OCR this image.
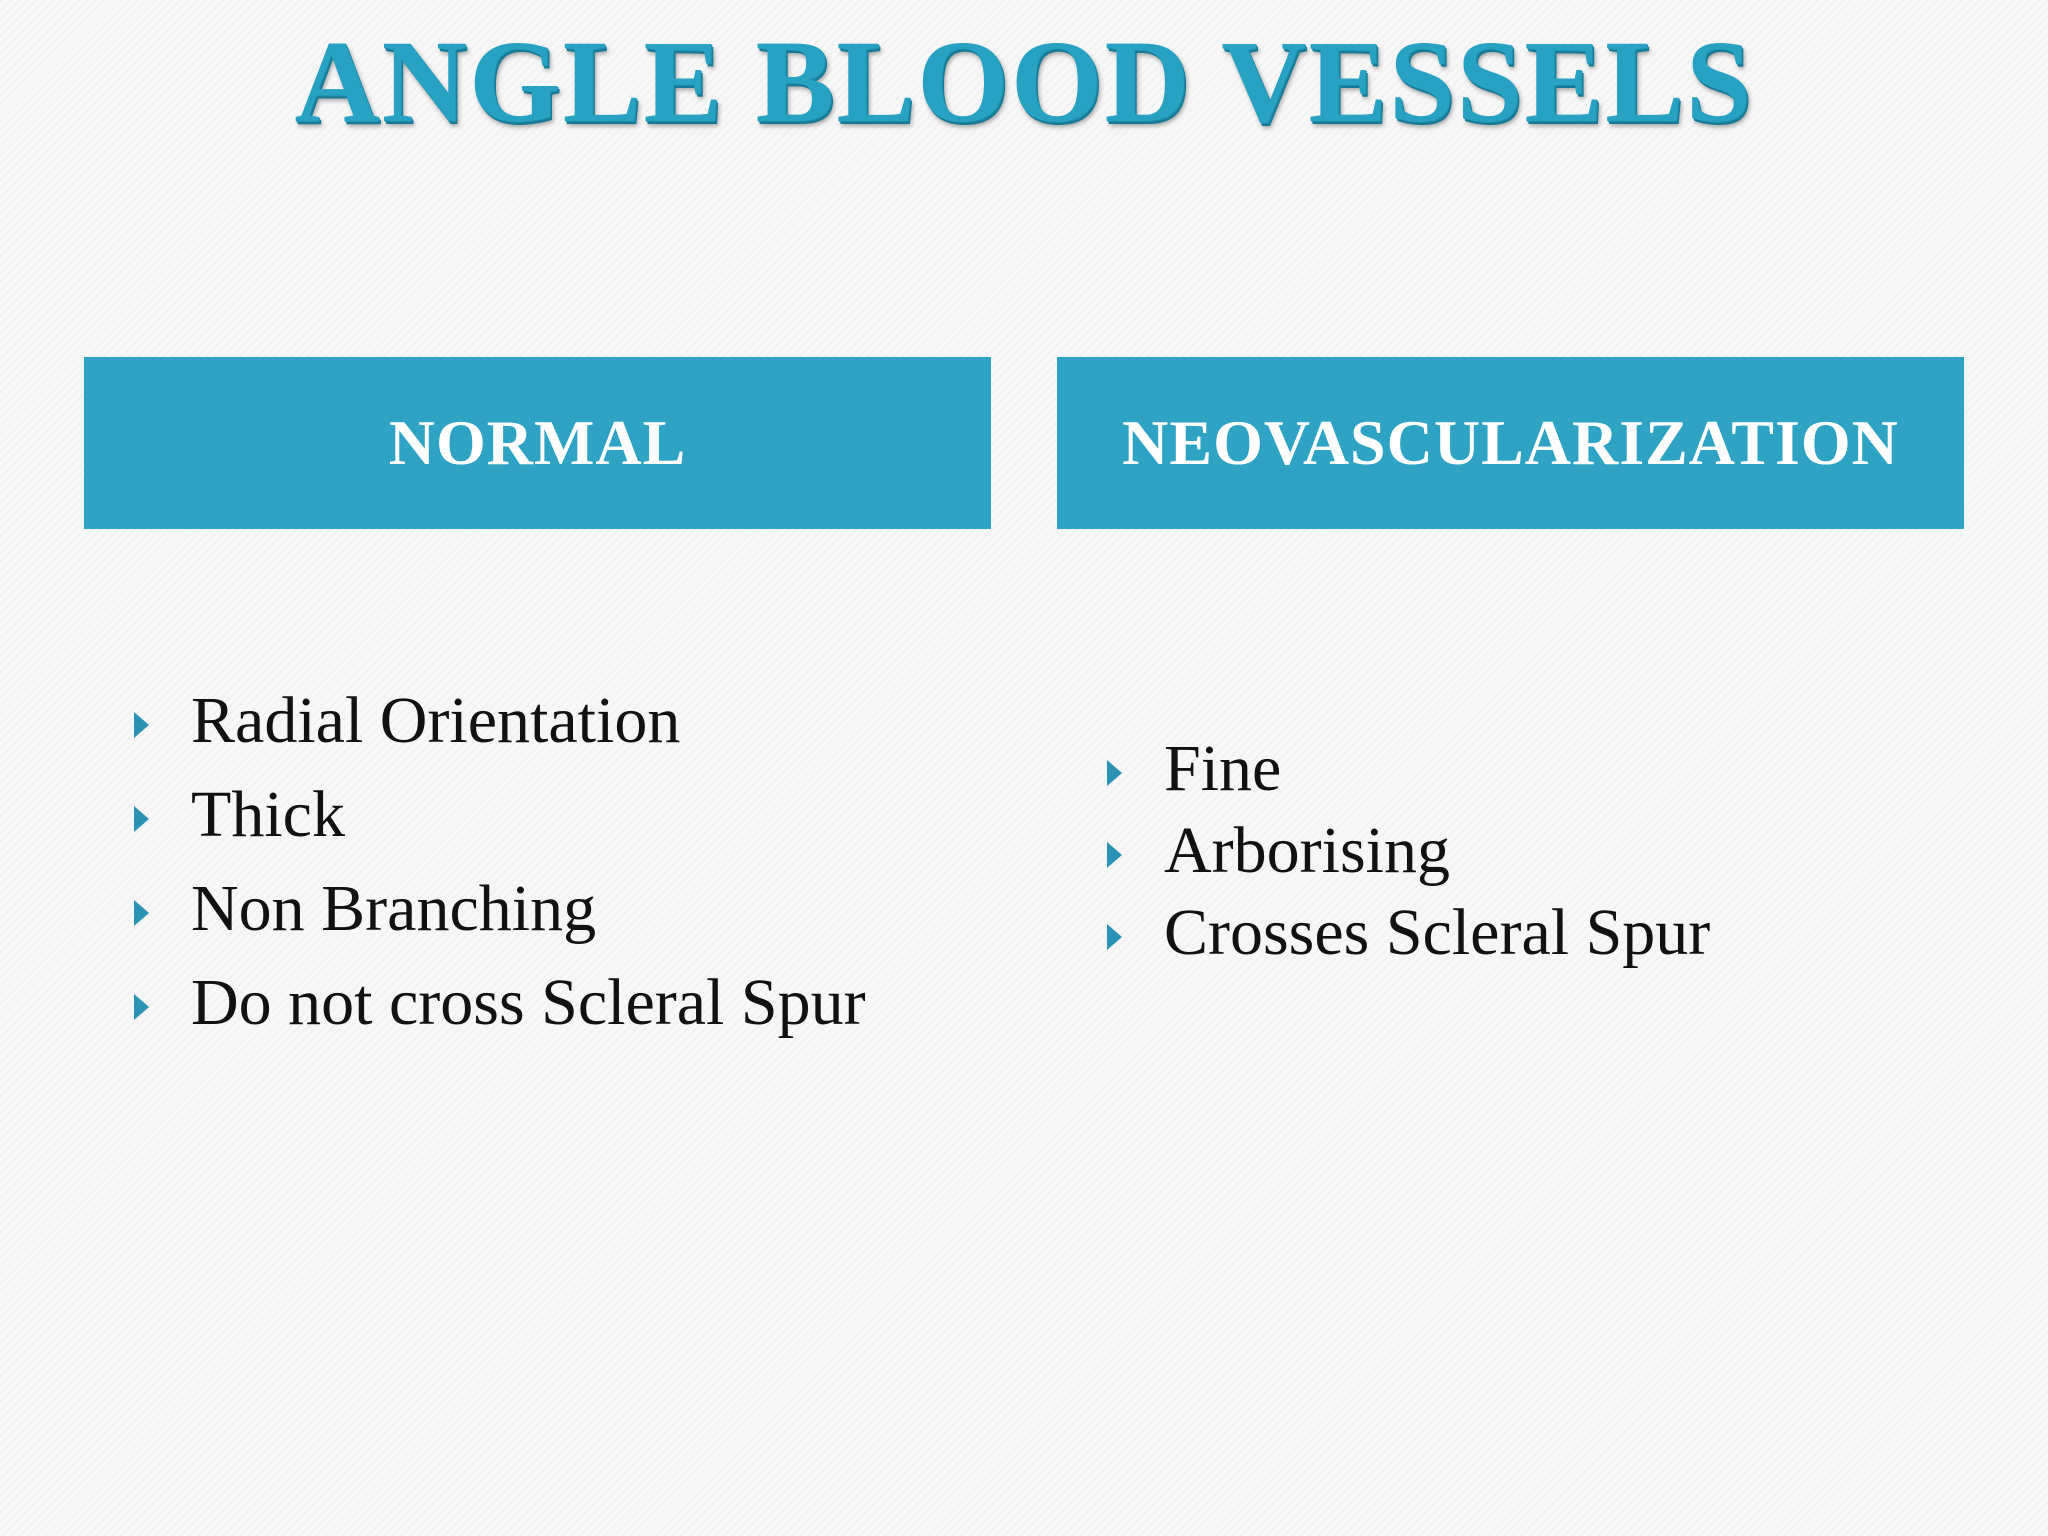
ANGLE BLOOD VESSELS
NORMAL	NEOVASCULARIZATION
Radial Orientation
Thick
Non Branching
Do not cross Scleral Spur
Fine
Arborising
Crosses Scleral Spur
